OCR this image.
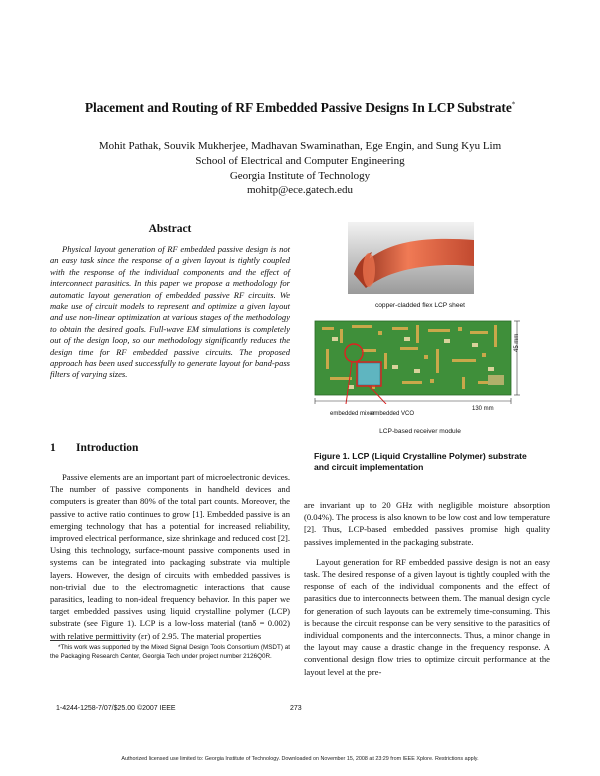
Placement and Routing of RF Embedded Passive Designs In LCP Substrate*
Mohit Pathak, Souvik Mukherjee, Madhavan Swaminathan, Ege Engin, and Sung Kyu Lim
School of Electrical and Computer Engineering
Georgia Institute of Technology
mohitp@ece.gatech.edu
Abstract
Physical layout generation of RF embedded passive design is not an easy task since the response of a given layout is tightly coupled with the response of the individual components and the effect of interconnect parasitics. In this paper we propose a methodology for automatic layout generation of embedded passive RF circuits. We make use of circuit models to represent and optimize a given layout and use non-linear optimization at various stages of the methodology to obtain the desired goals. Full-wave EM simulations is completely out of the design loop, so our methodology significantly reduces the design time for RF embedded passive circuits. The proposed approach has been used successfully to generate layout for band-pass filters of varying sizes.
1 Introduction
Passive elements are an important part of microelectronic devices. The number of passive components in handheld devices and computers is greater than 80% of the total part counts. Moreover, the passive to active ratio continues to grow [1]. Embedded passive is an emerging technology that has a potential for increased reliability, improved electrical performance, size shrinkage and reduced cost [2]. Using this technology, surface-mount passive components used in systems can be integrated into packaging substrate via multiple layers. However, the design of circuits with embedded passives is non-trivial due to the electromagnetic interactions that cause parasitics, leading to non-ideal frequency behavior. In this paper we target embedded passives using liquid crystalline polymer (LCP) substrate (see Figure 1). LCP is a low-loss material (tanδ = 0.002) with relative permittivity (εr) of 2.95. The material properties
*This work was supported by the Mixed Signal Design Tools Consortium (MSDT) at the Packaging Research Center, Georgia Tech under project number 2126Q0R.
copper-cladded flex LCP sheet
45 mm
130 mm
embedded mixer
embedded VCO
LCP-based receiver module
Figure 1. LCP (Liquid Crystalline Polymer) substrate and circuit implementation

are invariant up to 20 GHz with negligible moisture absorption (0.04%). The process is also known to be low cost and low temperature [2]. Thus, LCP-based embedded passives promise high quality passives implemented in the packaging substrate.

Layout generation for RF embedded passive design is not an easy task. The desired response of a given layout is tightly coupled with the response of each of the individual components and the effect of parasitics due to interconnects between them. The manual design cycle for generation of such layouts can be extremely time-consuming. This is because the circuit response can be very sensitive to the parasitics of individual components and the interconnects. Thus, a minor change in the layout may cause a drastic change in the frequency response. A conventional design flow tries to optimize circuit performance at the layout level at the pre-

1-4244-1258-7/07/$25.00 ©2007 IEEE	273
Authorized licensed use limited to: Georgia Institute of Technology. Downloaded on November 15, 2008 at 23:29 from IEEE Xplore. Restrictions apply.
